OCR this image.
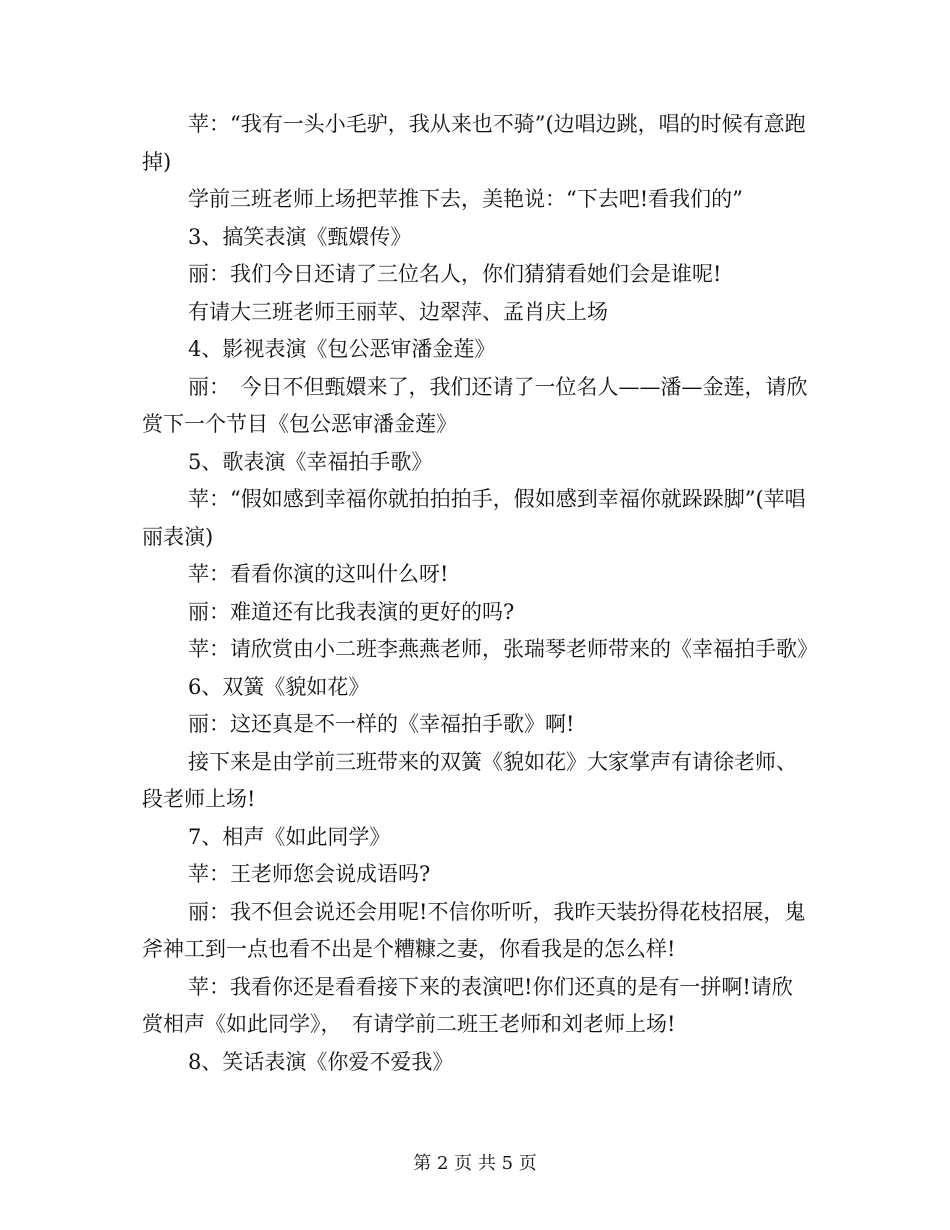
苹：“我有一头小毛驴，我从来也不骑”(边唱边跳，唱的时候有意跑掉)

学前三班老师上场把苹推下去，美艳说：“下去吧!看我们的”

3、搞笑表演《甄嬛传》

丽：我们今日还请了三位名人，你们猜猜看她们会是谁呢!

有请大三班老师王丽苹、边翠萍、孟肖庆上场

4、影视表演《包公恶审潘金莲》

丽：　今日不但甄嬛来了，我们还请了一位名人——潘—金莲，请欣赏下一个节目《包公恶审潘金莲》

5、歌表演《幸福拍手歌》

苹：“假如感到幸福你就拍拍拍手，假如感到幸福你就跺跺脚”(苹唱丽表演)

苹：看看你演的这叫什么呀!

丽：难道还有比我表演的更好的吗?

苹：请欣赏由小二班李燕燕老师，张瑞琴老师带来的《幸福拍手歌》

6、双簧《貌如花》

丽：这还真是不一样的《幸福拍手歌》啊!

接下来是由学前三班带来的双簧《貌如花》大家掌声有请徐老师、段老师上场!

7、相声《如此同学》

苹：王老师您会说成语吗?

丽：我不但会说还会用呢!不信你听听，我昨天装扮得花枝招展，鬼斧神工到一点也看不出是个糟糠之妻，你看我是的怎么样!

苹：我看你还是看看接下来的表演吧!你们还真的是有一拼啊!请欣赏相声《如此同学》，　有请学前二班王老师和刘老师上场!

8、笑话表演《你爱不爱我》

第 2 页 共 5 页
